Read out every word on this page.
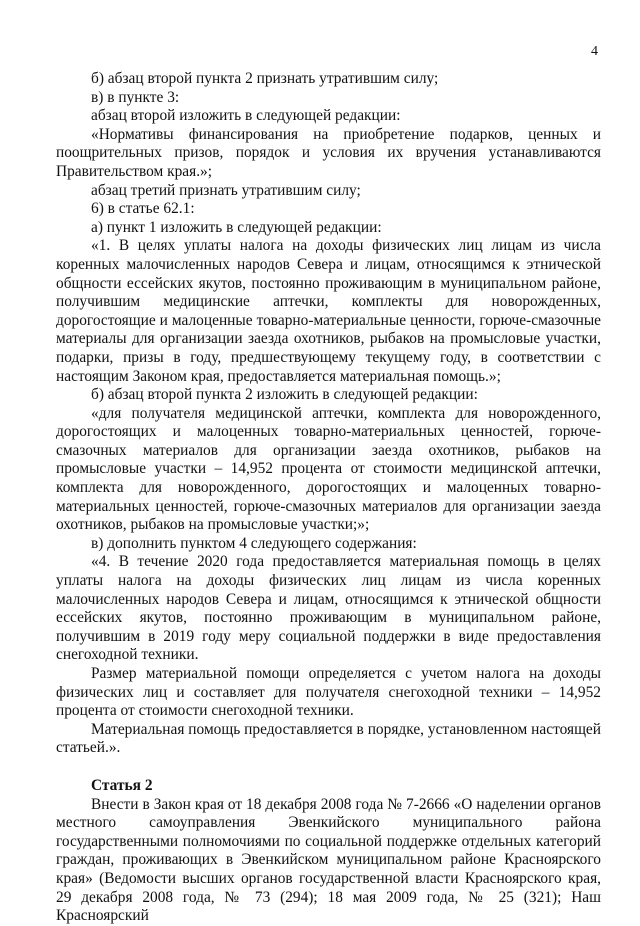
4

б) абзац второй пункта 2 признать утратившим силу;

в) в пункте 3:

абзац второй изложить в следующей редакции:

«Нормативы финансирования на приобретение подарков, ценных и поощрительных призов, порядок и условия их вручения устанавливаются Правительством края.»;

абзац третий признать утратившим силу;

6) в статье 62.1:

а) пункт 1 изложить в следующей редакции:

«1. В целях уплаты налога на доходы физических лиц лицам из числа коренных малочисленных народов Севера и лицам, относящимся к этнической общности ессейских якутов, постоянно проживающим в муниципальном районе, получившим медицинские аптечки, комплекты для новорожденных, дорогостоящие и малоценные товарно-материальные ценности, горюче-смазочные материалы для организации заезда охотников, рыбаков на промысловые участки, подарки, призы в году, предшествующему текущему году, в соответствии с настоящим Законом края, предоставляется материальная помощь.»;

б) абзац второй пункта 2 изложить в следующей редакции:

«для получателя медицинской аптечки, комплекта для новорожденного, дорогостоящих и малоценных товарно-материальных ценностей, горюче-смазочных материалов для организации заезда охотников, рыбаков на промысловые участки – 14,952 процента от стоимости медицинской аптечки, комплекта для новорожденного, дорогостоящих и малоценных товарно-материальных ценностей, горюче-смазочных материалов для организации заезда охотников, рыбаков на промысловые участки;»;

в) дополнить пунктом 4 следующего содержания:

«4. В течение 2020 года предоставляется материальная помощь в целях уплаты налога на доходы физических лиц лицам из числа коренных малочисленных народов Севера и лицам, относящимся к этнической общности ессейских якутов, постоянно проживающим в муниципальном районе, получившим в 2019 году меру социальной поддержки в виде предоставления снегоходной техники.

Размер материальной помощи определяется с учетом налога на доходы физических лиц и составляет для получателя снегоходной техники – 14,952 процента от стоимости снегоходной техники.

Материальная помощь предоставляется в порядке, установленном настоящей статьей.».

Статья 2

Внести в Закон края от 18 декабря 2008 года № 7-2666 «О наделении органов местного самоуправления Эвенкийского муниципального района государственными полномочиями по социальной поддержке отдельных категорий граждан, проживающих в Эвенкийском муниципальном районе Красноярского края» (Ведомости высших органов государственной власти Красноярского края, 29 декабря 2008 года, № 73 (294); 18 мая 2009 года, № 25 (321); Наш Красноярский
